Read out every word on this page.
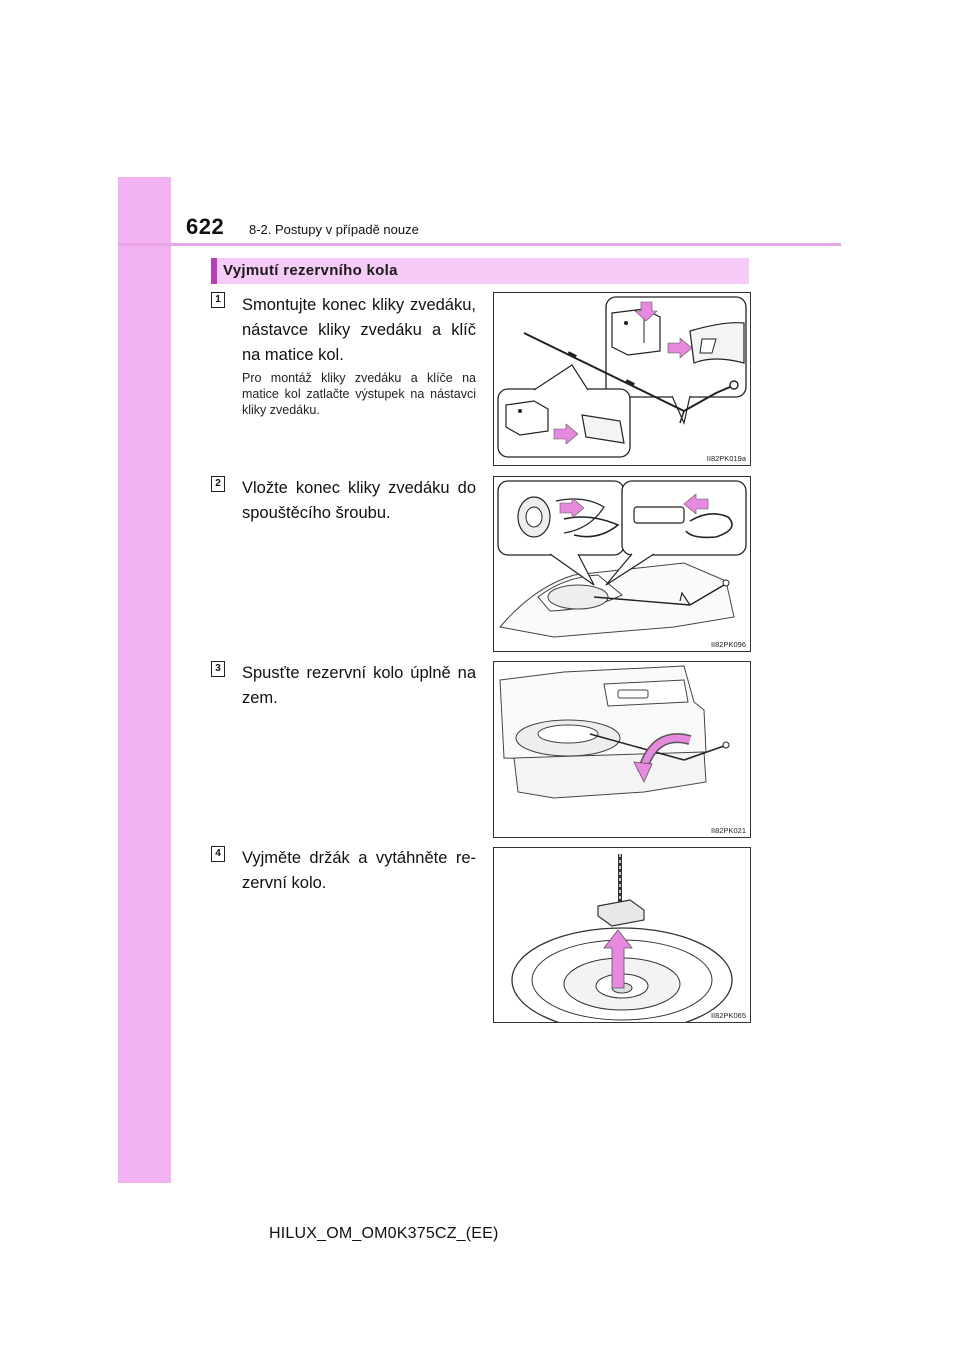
622 8-2. Postupy v případě nouze
Vyjmutí rezervního kola
1 Smontujte konec kliky zvedáku, nástavce kliky zvedáku a klíč na matice kol.
Pro montáž kliky zvedáku a klíče na matice kol zatlačte výstupek na nástavci kliky zvedáku.
II82PK019a
2 Vložte konec kliky zvedáku do spouštěcího šroubu.
II82PK096
3 Spusťte rezervní kolo úplně na zem.
II82PK021
4 Vyjměte držák a vytáhněte re-zervní kolo.
II82PK065
HILUX_OM_OM0K375CZ_(EE)
